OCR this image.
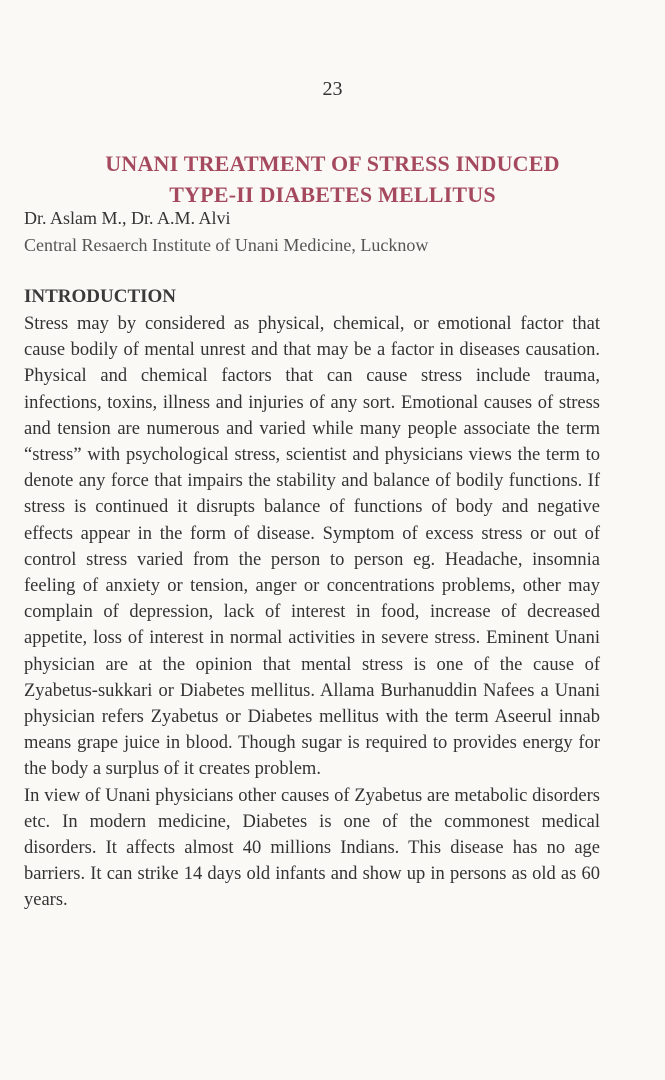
23
UNANI TREATMENT OF STRESS INDUCED
TYPE-II DIABETES MELLITUS
Dr. Aslam M., Dr. A.M. Alvi
Central Resaerch Institute of Unani Medicine, Lucknow
INTRODUCTION

Stress may by considered as physical, chemical, or emotional factor that cause bodily of mental unrest and that may be a factor in diseases causation. Physical and chemical factors that can cause stress include trauma, infections, toxins, illness and injuries of any sort. Emotional causes of stress and tension are numerous and varied while many people associate the term “stress” with psychological stress, scientist and physicians views the term to denote any force that impairs the stability and balance of bodily functions. If stress is continued it disrupts balance of functions of body and negative effects appear in the form of disease. Symptom of excess stress or out of control stress varied from the person to person eg. Headache, insomnia feeling of anxiety or tension, anger or concentrations problems, other may complain of depression, lack of interest in food, increase of decreased appetite, loss of interest in normal activities in severe stress. Eminent Unani physician are at the opinion that mental stress is one of the cause of Zyabetus-sukkari or Diabetes mellitus. Allama Burhanuddin Nafees a Unani physician refers Zyabetus or Diabetes mellitus with the term Aseerul innab means grape juice in blood. Though sugar is required to provides energy for the body a surplus of it creates problem.

In view of Unani physicians other causes of Zyabetus are metabolic disorders etc. In modern medicine, Diabetes is one of the commonest medical disorders. It affects almost 40 millions Indians. This disease has no age barriers. It can strike 14 days old infants and show up in persons as old as 60 years.
